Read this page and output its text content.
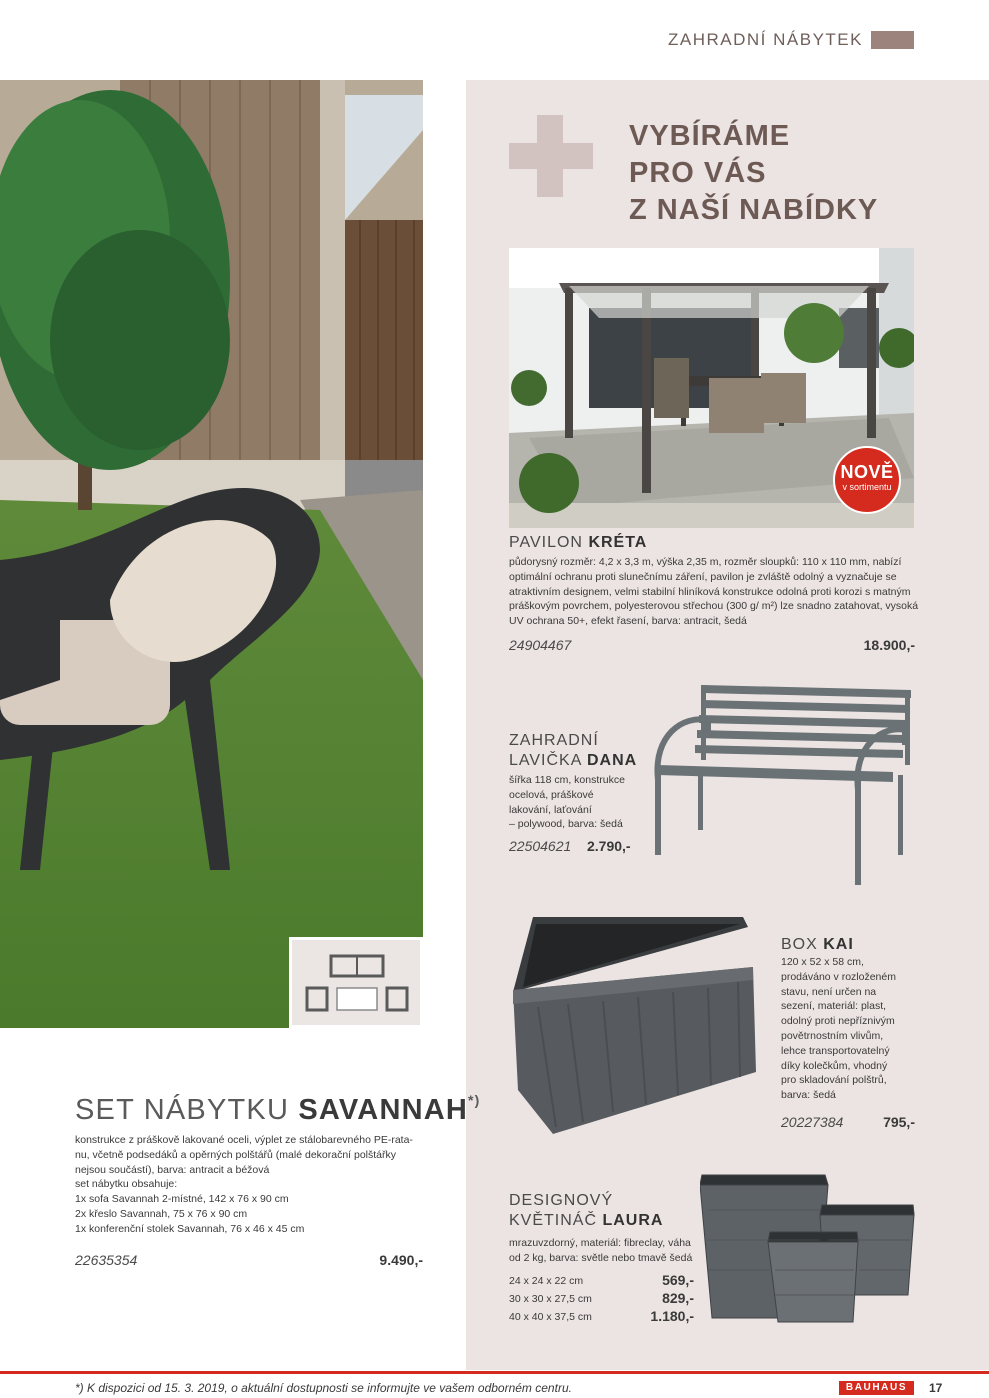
ZAHRADNÍ NÁBYTEK
VYBÍRÁME
PRO VÁS
Z NAŠÍ NABÍDKY
NOVĚ
v sortimentu
PAVILON KRÉTA
půdorysný rozměr: 4,2 x 3,3 m, výška 2,35 m, rozměr sloupků: 110 x 110 mm, nabízí
optimální ochranu proti slunečnímu záření, pavilon je zvláště odolný a vyznačuje se
atraktivním designem, velmi stabilní hliníková konstrukce odolná proti korozi s matným
práškovým povrchem, polyesterovou střechou (300 g/ m²) lze snadno zatahovat, vysoká
UV ochrana 50+, efekt řasení, barva: antracit, šedá
24904467	18.900,-
ZAHRADNÍ
LAVIČKA DANA
šířka 118 cm, konstrukce
ocelová, práškové
lakování, laťování
– polywood, barva: šedá
22504621 2.790,-
BOX KAI
120 x 52 x 58 cm,
prodáváno v rozloženém
stavu, není určen na
sezení, materiál: plast,
odolný proti nepříznivým
povětrnostním vlivům,
lehce transportovatelný
díky kolečkům, vhodný
pro skladování polštrů,
barva: šedá
20227384	795,-
DESIGNOVÝ
KVĚTINÁČ LAURA
mrazuvzdorný, materiál: fibreclay, váha
od 2 kg, barva: světle nebo tmavě šedá
24 x 24 x 22 cm	569,-
30 x 30 x 27,5 cm	829,-
40 x 40 x 37,5 cm	1.180,-
SET NÁBYTKU SAVANNAH*)
konstrukce z práškově lakované oceli, výplet ze stálobarevného PE-rata-
nu, včetně podsedáků a opěrných polštářů (malé dekorační polštářky
nejsou součástí), barva: antracit a béžová
set nábytku obsahuje:
1x sofa Savannah 2-místné, 142 x 76 x 90 cm
2x křeslo Savannah, 75 x 76 x 90 cm
1x konferenční stolek Savannah, 76 x 46 x 45 cm
22635354	9.490,-
*) K dispozici od 15. 3. 2019, o aktuální dostupnosti se informujte ve vašem odborném centru.	BAUHAUS	17
